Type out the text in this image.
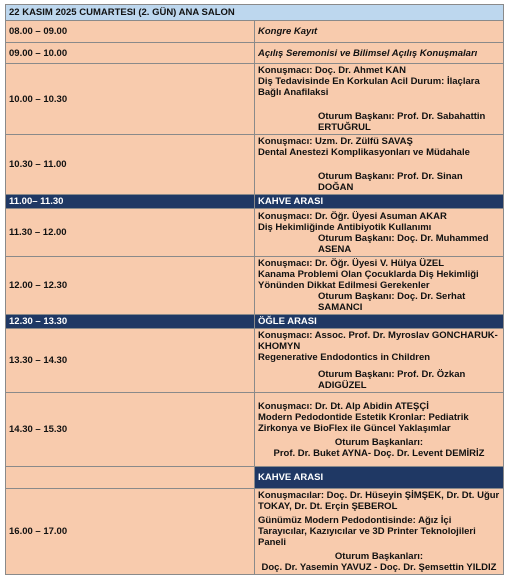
22 KASIM 2025 CUMARTESI (2. GÜN) ANA SALON	
08.00 – 09.00	Kongre Kayıt
09.00 – 10.00	Açılış Seremonisi ve Bilimsel Açılış Konuşmaları
10.00 – 10.30	Konuşmacı: Doç. Dr. Ahmet KAN
Diş Tedavisinde En Korkulan Acil Durum: İlaçlara Bağlı Anafilaksi
Oturum Başkanı: Prof. Dr. Sabahattin ERTUĞRUL

10.30 – 11.00	Konuşmacı: Uzm. Dr. Zülfü SAVAŞ
Dental Anestezi Komplikasyonları ve Müdahale
Oturum Başkanı: Prof. Dr. Sinan DOĞAN

11.00– 11.30	KAHVE ARASI
11.30 – 12.00	Konuşmacı: Dr. Öğr. Üyesi Asuman AKAR
Diş Hekimliğinde Antibiyotik Kullanımı
Oturum Başkanı: Doç. Dr. Muhammed ASENA

12.00 – 12.30	Konuşmacı: Dr. Öğr. Üyesi V. Hülya ÜZEL
Kanama Problemi Olan Çocuklarda Diş Hekimliği Yönünden Dikkat Edilmesi Gerekenler
Oturum Başkanı: Doç. Dr. Serhat SAMANCI

12.30 – 13.30	ÖĞLE ARASI
13.30 – 14.30	Konuşmacı: Assoc. Prof. Dr. Myroslav GONCHARUK-KHOMYN
Regenerative Endodontics in Children
Oturum Başkanı: Prof. Dr. Özkan ADIGÜZEL

14.30 – 15.30	Konuşmacı: Dr. Dt. Alp Abidin ATEŞÇİ
Modern Pedodontide Estetik Kronlar: Pediatrik Zirkonya ve BioFlex ile Güncel Yaklaşımlar
Oturum Başkanları:
Prof. Dr. Buket AYNA- Doç. Dr. Levent DEMİRİZ

	KAHVE ARASI
16.00 – 17.00	Konuşmacılar: Doç. Dr. Hüseyin ŞİMŞEK, Dr. Dt. Uğur TOKAY, Dr. Dt. Erçin ŞEBEROL
Günümüz Modern Pedodontisinde: Ağız İçi Tarayıcılar, Kazıyıcılar ve 3D Printer Teknolojileri Paneli
Oturum Başkanları:
Doç. Dr. Yasemin YAVUZ - Doç. Dr. Şemsettin YILDIZ
